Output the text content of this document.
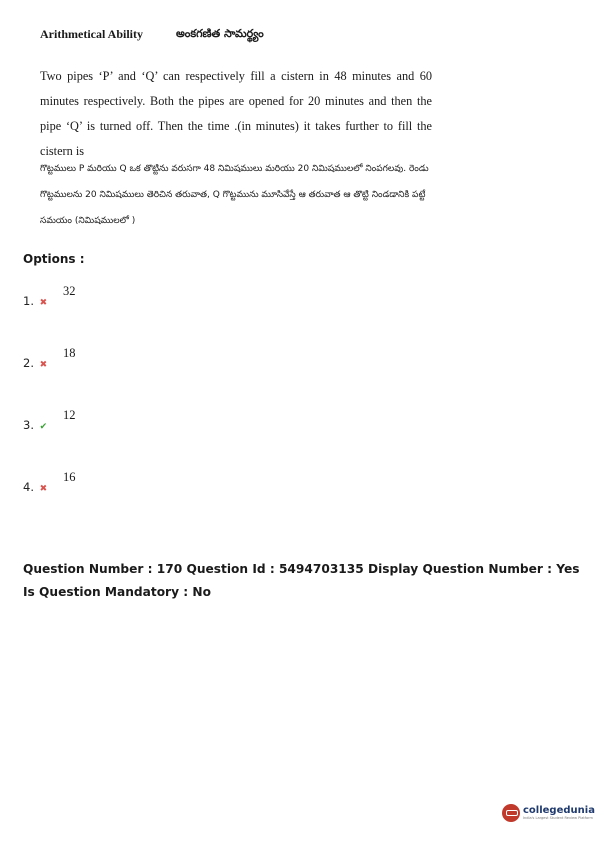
Arithmetical Ability	అంకగణిత సామర్థ్యం
Two pipes ‘P’ and ‘Q’ can respectively fill a cistern in 48 minutes and 60 minutes respectively. Both the pipes are opened for 20 minutes and then the pipe ‘Q’ is turned off. Then the time .(in minutes) it takes further to fill the cistern is
గొట్టములు P మరియు Q ఒక తొట్టిను వరుసగా 48 నిమిషములు మరియు 20 నిమిషములలో నింపగలవు. రెండు గొట్టములను 20 నిమిషములు తెరిచిన తరువాత, Q గొట్టమును మూసివేస్తే ఆ తరువాత ఆ తొట్టి నిండడానికి పట్టే సమయం (నిమిషములలో )
Options :
1. ✖
32
2. ✖
18
3. ✔
12
4. ✖
16
Question Number : 170 Question Id : 5494703135 Display Question Number : Yes Is Question Mandatory : No
collegedunia
India's Largest Student Review Platform
